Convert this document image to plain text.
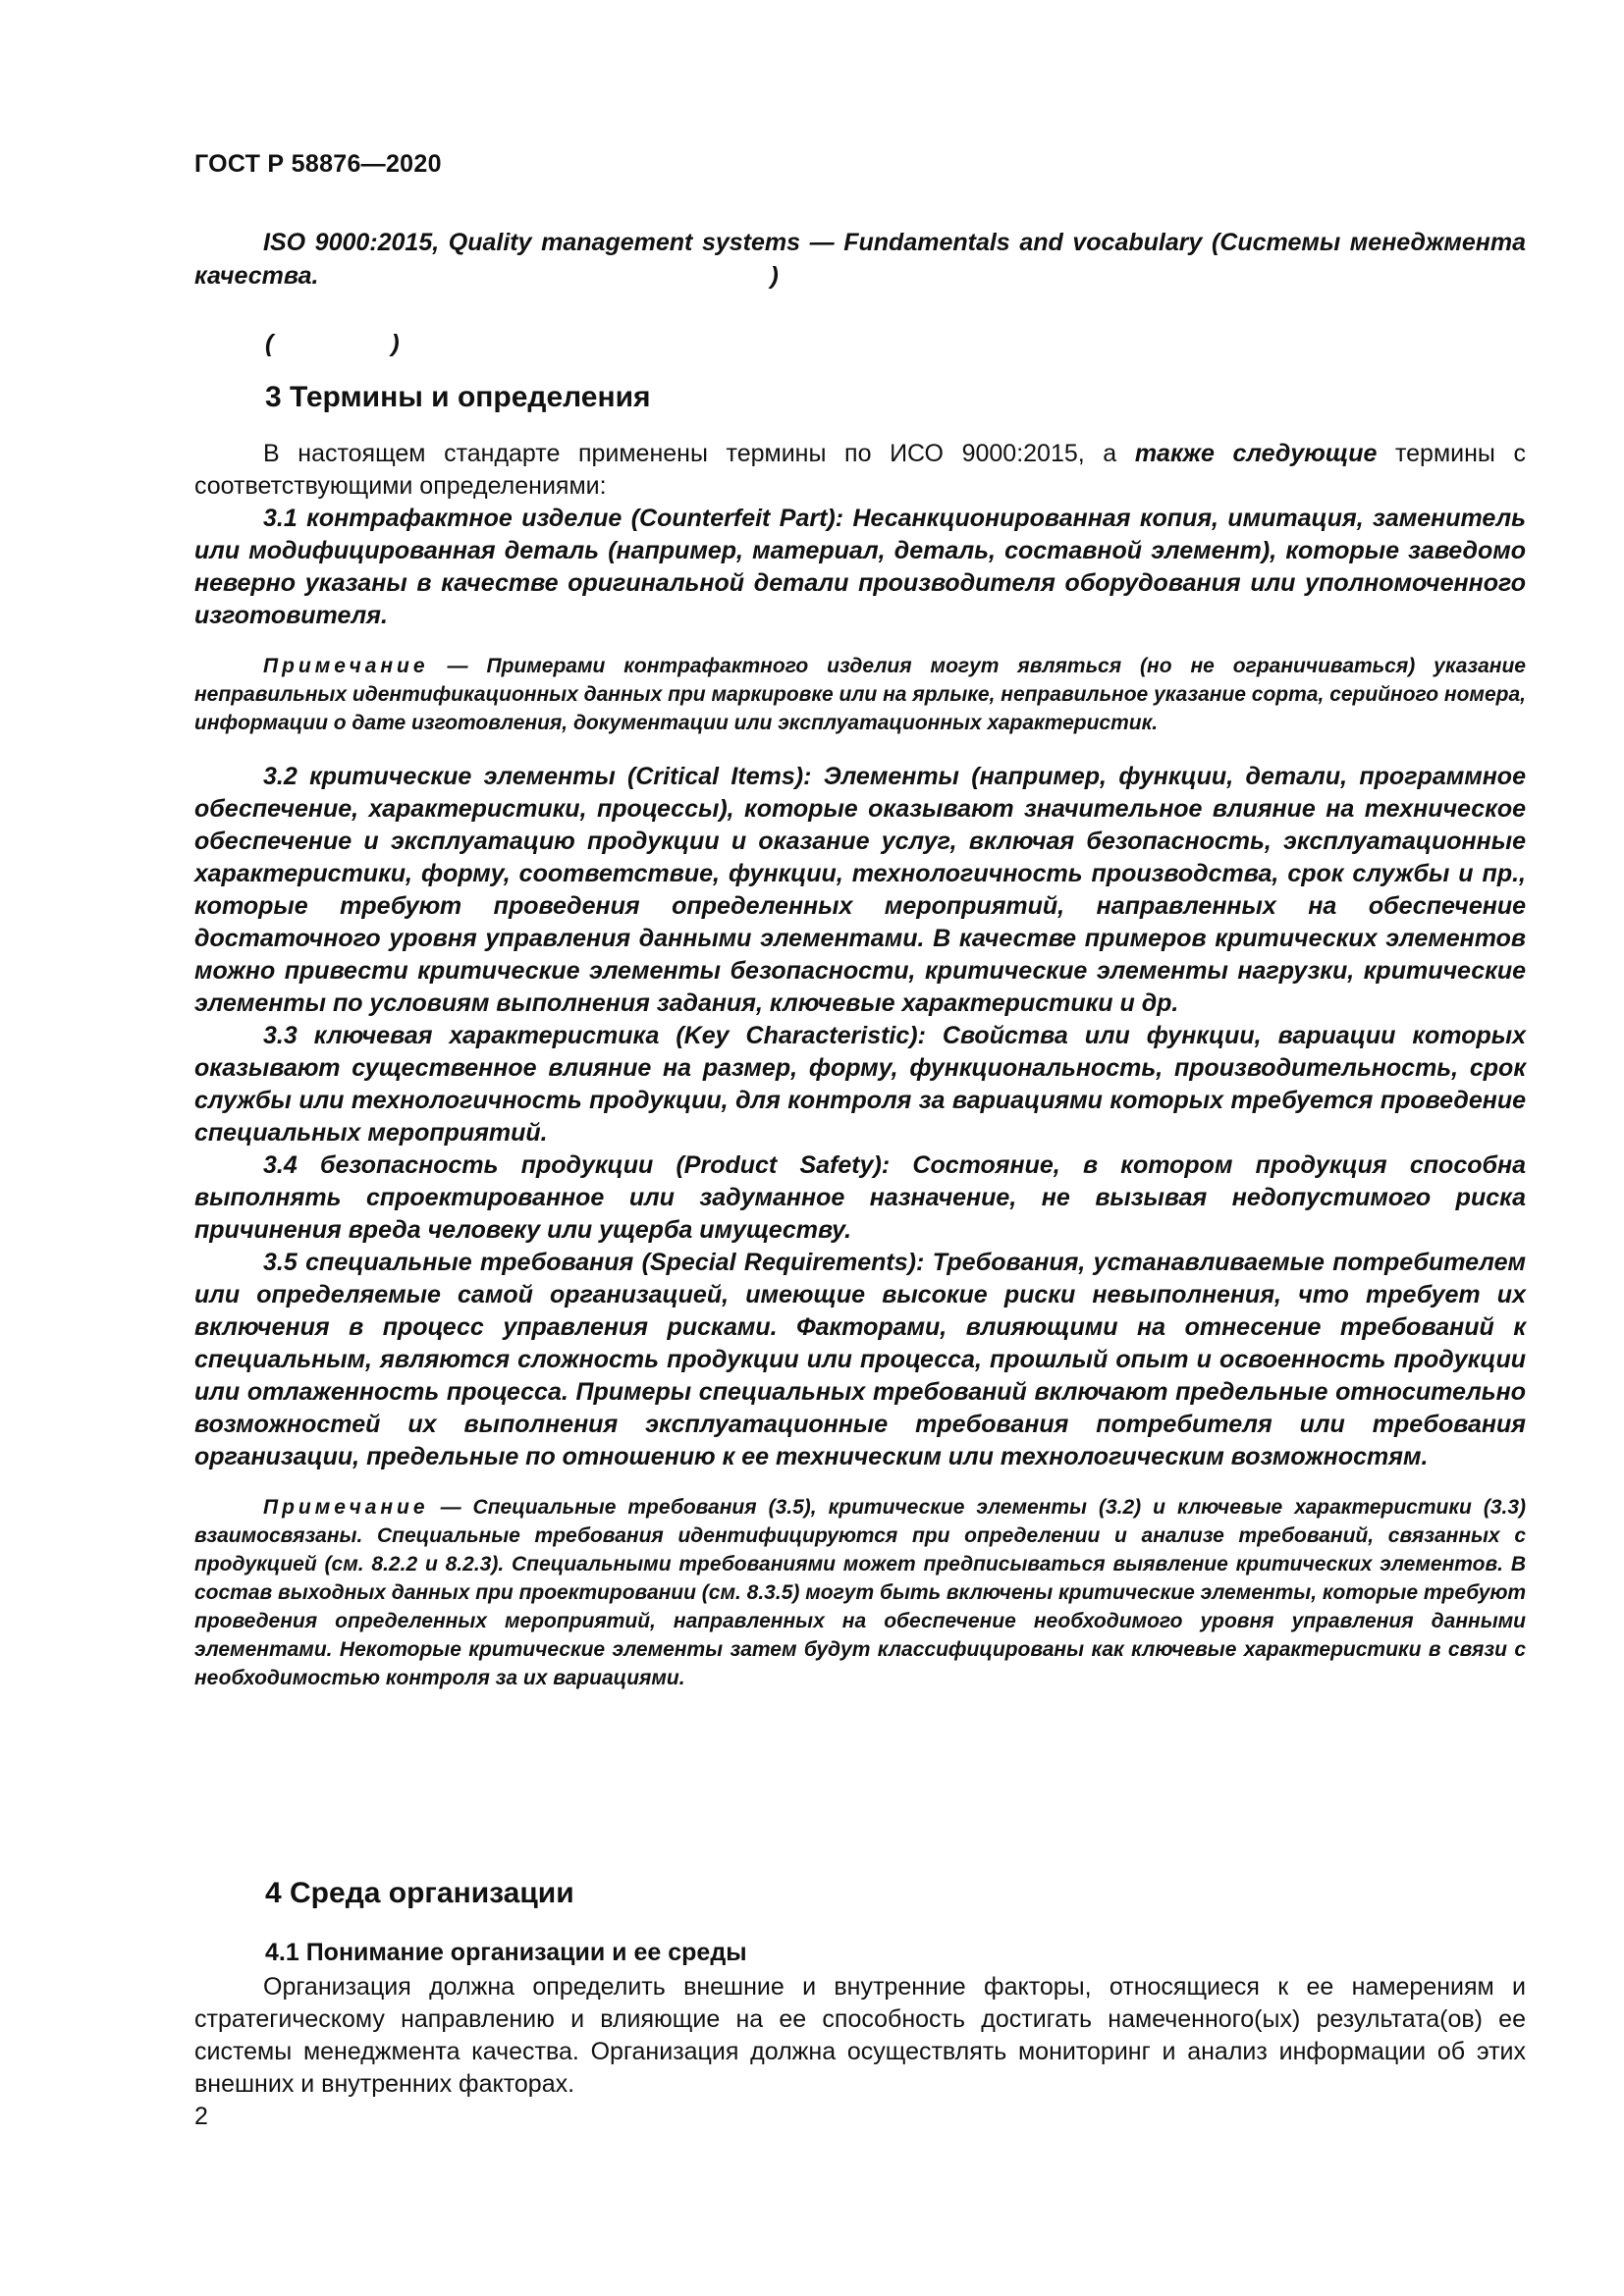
ГОСТ Р 58876—2020

ISO 9000:2015, Quality management systems — Fundamentals and vocabulary (Системы менеджмента качества.	)

(	)
3 Термины и определения

В настоящем стандарте применены термины по ИСО 9000:2015, а также следующие термины с соответствующими определениями:

3.1 контрафактное изделие (Counterfeit Part): Несанкционированная копия, имитация, заменитель или модифицированная деталь (например, материал, деталь, составной элемент), которые заведомо неверно указаны в качестве оригинальной детали производителя оборудования или уполномоченного изготовителя.

Примечание — Примерами контрафактного изделия могут являться (но не ограничиваться) указание неправильных идентификационных данных при маркировке или на ярлыке, неправильное указание сорта, серийного номера, информации о дате изготовления, документации или эксплуатационных характеристик.

3.2 критические элементы (Critical Items): Элементы (например, функции, детали, программное обеспечение, характеристики, процессы), которые оказывают значительное влияние на техническое обеспечение и эксплуатацию продукции и оказание услуг, включая безопасность, эксплуатационные характеристики, форму, соответствие, функции, технологичность производства, срок службы и пр., которые требуют проведения определенных мероприятий, направленных на обеспечение достаточного уровня управления данными элементами. В качестве примеров критических элементов можно привести критические элементы безопасности, критические элементы нагрузки, критические элементы по условиям выполнения задания, ключевые характеристики и др.

3.3 ключевая характеристика (Key Characteristic): Свойства или функции, вариации которых оказывают существенное влияние на размер, форму, функциональность, производительность, срок службы или технологичность продукции, для контроля за вариациями которых требуется проведение специальных мероприятий.

3.4 безопасность продукции (Product Safety): Состояние, в котором продукция способна выполнять спроектированное или задуманное назначение, не вызывая недопустимого риска причинения вреда человеку или ущерба имуществу.

3.5 специальные требования (Special Requirements): Требования, устанавливаемые потребителем или определяемые самой организацией, имеющие высокие риски невыполнения, что требует их включения в процесс управления рисками. Факторами, влияющими на отнесение требований к специальным, являются сложность продукции или процесса, прошлый опыт и освоенность продукции или отлаженность процесса. Примеры специальных требований включают предельные относительно возможностей их выполнения эксплуатационные требования потребителя или требования организации, предельные по отношению к ее техническим или технологическим возможностям.

Примечание — Специальные требования (3.5), критические элементы (3.2) и ключевые характеристики (3.3) взаимосвязаны. Специальные требования идентифицируются при определении и анализе требований, связанных с продукцией (см. 8.2.2 и 8.2.3). Специальными требованиями может предписываться выявление критических элементов. В состав выходных данных при проектировании (см. 8.3.5) могут быть включены критические элементы, которые требуют проведения определенных мероприятий, направленных на обеспечение необходимого уровня управления данными элементами. Некоторые критические элементы затем будут классифицированы как ключевые характеристики в связи с необходимостью контроля за их вариациями.

4 Среда организации
4.1 Понимание организации и ее среды

Организация должна определить внешние и внутренние факторы, относящиеся к ее намерениям и стратегическому направлению и влияющие на ее способность достигать намеченного(ых) результата(ов) ее системы менеджмента качества. Организация должна осуществлять мониторинг и анализ информации об этих внешних и внутренних факторах.

2
